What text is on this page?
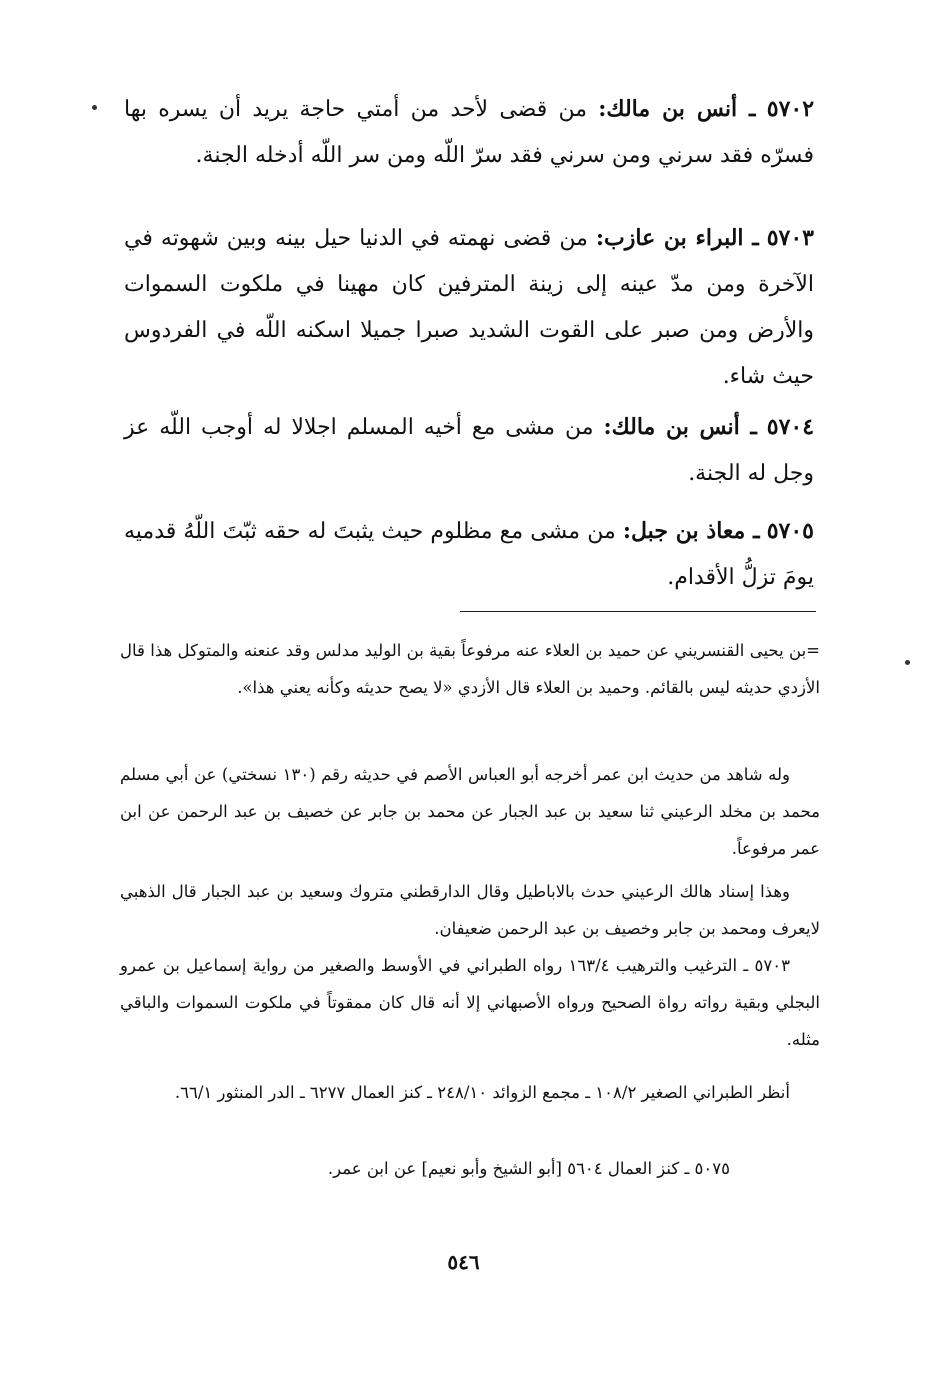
٥٧٠٢ ـ أنس بن مالك: من قضى لأحد من أمتي حاجة يريد أن يسره بها فسرّه فقد سرني ومن سرني فقد سرّ اللّه ومن سر اللّه أدخله الجنة.

٥٧٠٣ ـ البراء بن عازب: من قضى نهمته في الدنيا حيل بينه وبين شهوته في الآخرة ومن مدّ عينه إلى زينة المترفين كان مهينا في ملكوت السموات والأرض ومن صبر على القوت الشديد صبرا جميلا اسكنه اللّه في الفردوس حيث شاء.

٥٧٠٤ ـ أنس بن مالك: من مشى مع أخيه المسلم اجلالا له أوجب اللّه عز وجل له الجنة.

٥٧٠٥ ـ معاذ بن جبل: من مشى مع مظلوم حيث يثبتَ له حقه ثبّتَ اللّهُ قدميه يومَ تزلُّ الأقدام.

=بن يحيى القنسريني عن حميد بن العلاء عنه مرفوعاً بقية بن الوليد مدلس وقد عنعنه والمتوكل هذا قال الأزدي حديثه ليس بالقائم. وحميد بن العلاء قال الأزدي «لا يصح حديثه وكأنه يعني هذا».

وله شاهد من حديث ابن عمر أخرجه أبو العباس الأصم في حديثه رقم (١٣٠ نسختي) عن أبي مسلم محمد بن مخلد الرعيني ثنا سعيد بن عبد الجبار عن محمد بن جابر عن خصيف بن عبد الرحمن عن ابن عمر مرفوعاً.

وهذا إسناد هالك الرعيني حدث بالاباطيل وقال الدارقطني متروك وسعيد بن عبد الجبار قال الذهبي لايعرف ومحمد بن جابر وخصيف بن عبد الرحمن ضعيفان.

٥٧٠٣ ـ الترغيب والترهيب ١٦٣/٤ رواه الطبراني في الأوسط والصغير من رواية إسماعيل بن عمرو البجلي وبقية رواته رواة الصحيح ورواه الأصبهاني إلا أنه قال كان ممقوتاً في ملكوت السموات والباقي مثله.

أنظر الطبراني الصغير ١٠٨/٢ ـ مجمع الزوائد ٢٤٨/١٠ ـ كنز العمال ٦٢٧٧ ـ الدر المنثور ٦٦/١.

٥٠٧٥ ـ كنز العمال ٥٦٠٤ [أبو الشيخ وأبو نعيم] عن ابن عمر.

٥٤٦
